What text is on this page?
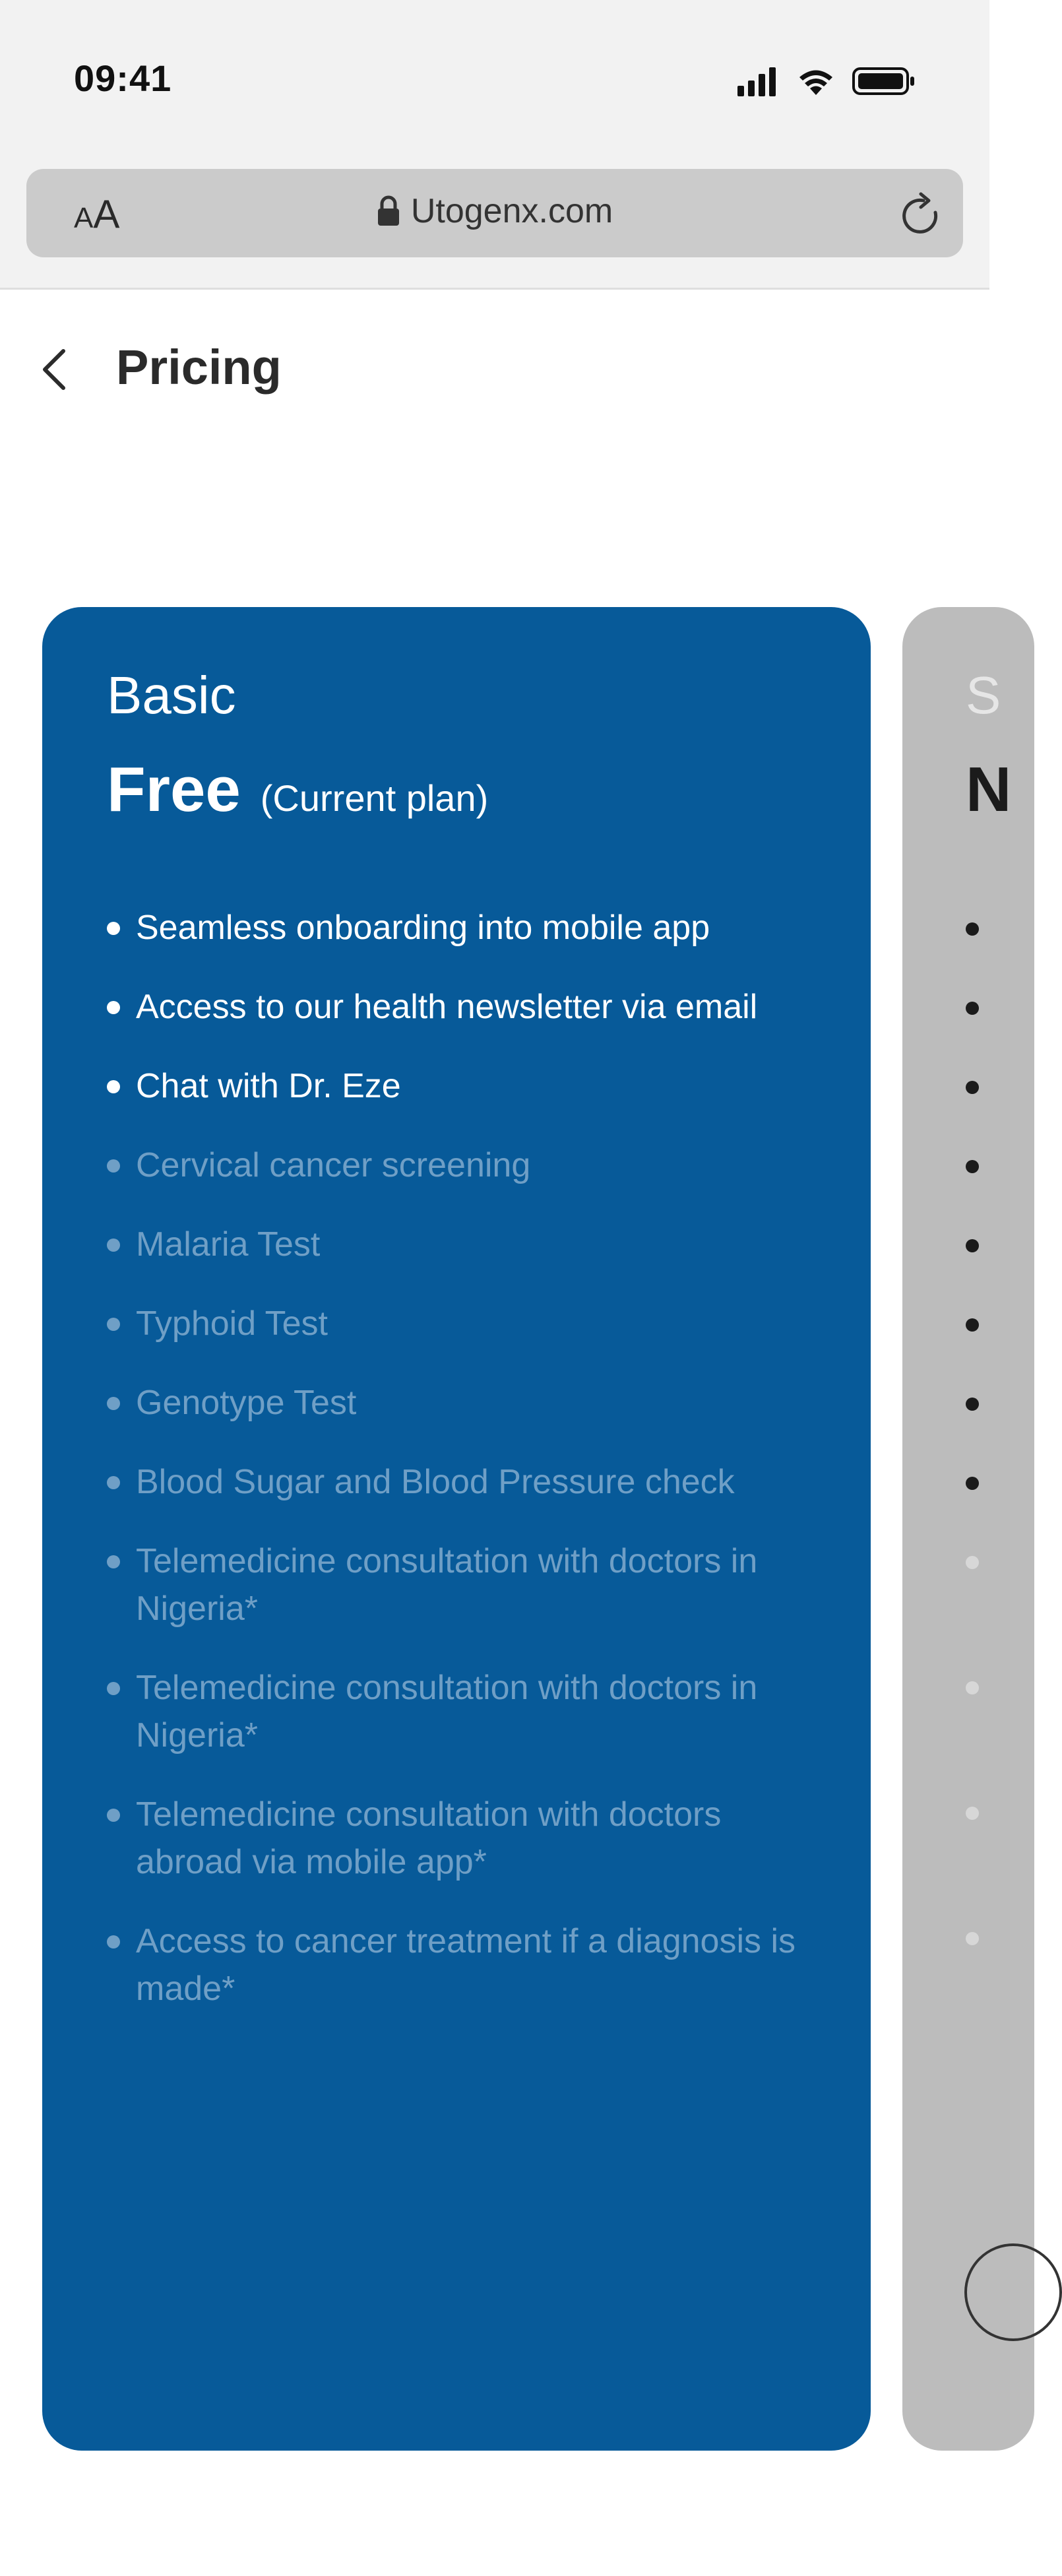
09:41
AA	Utogenx.com
Pricing
Basic
Free (Current plan)
Seamless onboarding into mobile app
Access to our health newsletter via email
Chat with Dr. Eze
Cervical cancer screening
Malaria Test
Typhoid Test
Genotype Test
Blood Sugar and Blood Pressure check
Telemedicine consultation with doctors in Nigeria*
Telemedicine consultation with doctors in Nigeria*
Telemedicine consultation with doctors abroad via mobile app*
Access to cancer treatment if a diagnosis is made*
S
N
